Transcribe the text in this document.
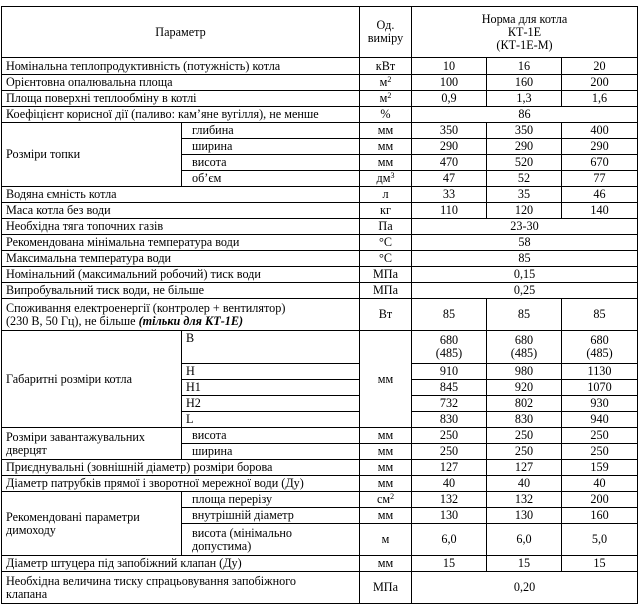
Параметр		Од.
виміру	Норма для котла
КТ-1Е
(КТ-1Е-М)		
Номінальна теплопродуктивність (потужність) котла		кВт	10	16	20
Орієнтовна опалювальна площа		$м^2$	100	160	200
Площа поверхні теплообміну в котлі		$м^2$	0,9	1,3	1,6
Коефіцієнт корисної дії (паливо: кам’яне вугілля), не менше		%	86		
Розміри топки	глибина	мм	350	350	400
	ширина	мм	290	290	290
	висота	мм	470	520	670
	об’єм	$дм^3$	47	52	77
Водяна ємність котла		л	33	35	46
Маса котла без води		кг	110	120	140
Необхідна тяга топочних газів		Па	23-30		
Рекомендована мінімальна температура води		°С	58		
Максимальна температура води		°С	85		
Номінальний (максимальний робочий) тиск води		МПа	0,15		
Випробувальний тиск води, не більше		МПа	0,25		
Споживання електроенергії (контролер + вентилятор)
(230 В, 50 Гц), не більше (тільки для КТ-1Е)		Вт	85	85	85
Габаритні розміри котла	B	мм	680
(485)	680
(485)	680
(485)
	H		910	980	1130
	H1		845	920	1070
	H2		732	802	930
	L		830	830	940
Розміри завантажувальних
дверцят	висота	мм	250	250	250
	ширина	мм	250	250	250
Приєднувальні (зовнішній діаметр) розміри борова		мм	127	127	159
Діаметр патрубків прямої і зворотної мережної води (Ду)		мм	40	40	40
Рекомендовані параметри
димоходу	площа перерізу	$см^2$	132	132	200
	внутрішній діаметр	мм	130	130	160
	висота (мінімально
допустима)	м	6,0	6,0	5,0
Діаметр штуцера під запобіжний клапан (Ду)		мм	15	15	15
Необхідна величина тиску спрацьовування запобіжного
клапана		МПа	0,20		
